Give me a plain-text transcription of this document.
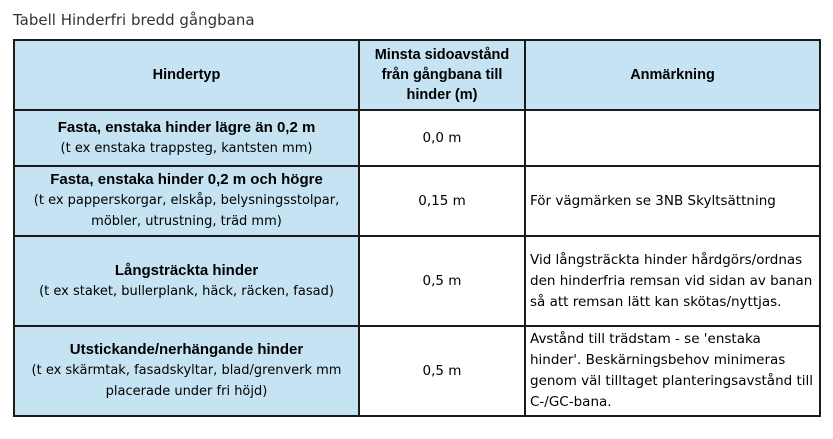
Tabell Hinderfri bredd gångbana
Hindertyp	Minsta sidoavstånd från gångbana till hinder (m)	Anmärkning

Fasta, enstaka hinder lägre än 0,2 m
(t ex enstaka trappsteg, kantsten mm)	0,0 m	

Fasta, enstaka hinder 0,2 m och högre
(t ex papperskorgar, elskåp, belysningsstolpar, möbler, utrustning, träd mm)	0,15 m	För vägmärken se 3NB Skyltsättning

Långsträckta hinder
(t ex staket, bullerplank, häck, räcken, fasad)	0,5 m	Vid långsträckta hinder hårdgörs/ordnas den hinderfria remsan vid sidan av banan så att remsan lätt kan skötas/nyttjas.

Utstickande/nerhängande hinder
(t ex skärmtak, fasadskyltar, blad/grenverk mm placerade under fri höjd)	0,5 m	Avstånd till trädstam - se 'enstaka hinder'. Beskärningsbehov minimeras genom väl tilltaget planteringsavstånd till C-/GC-bana.
